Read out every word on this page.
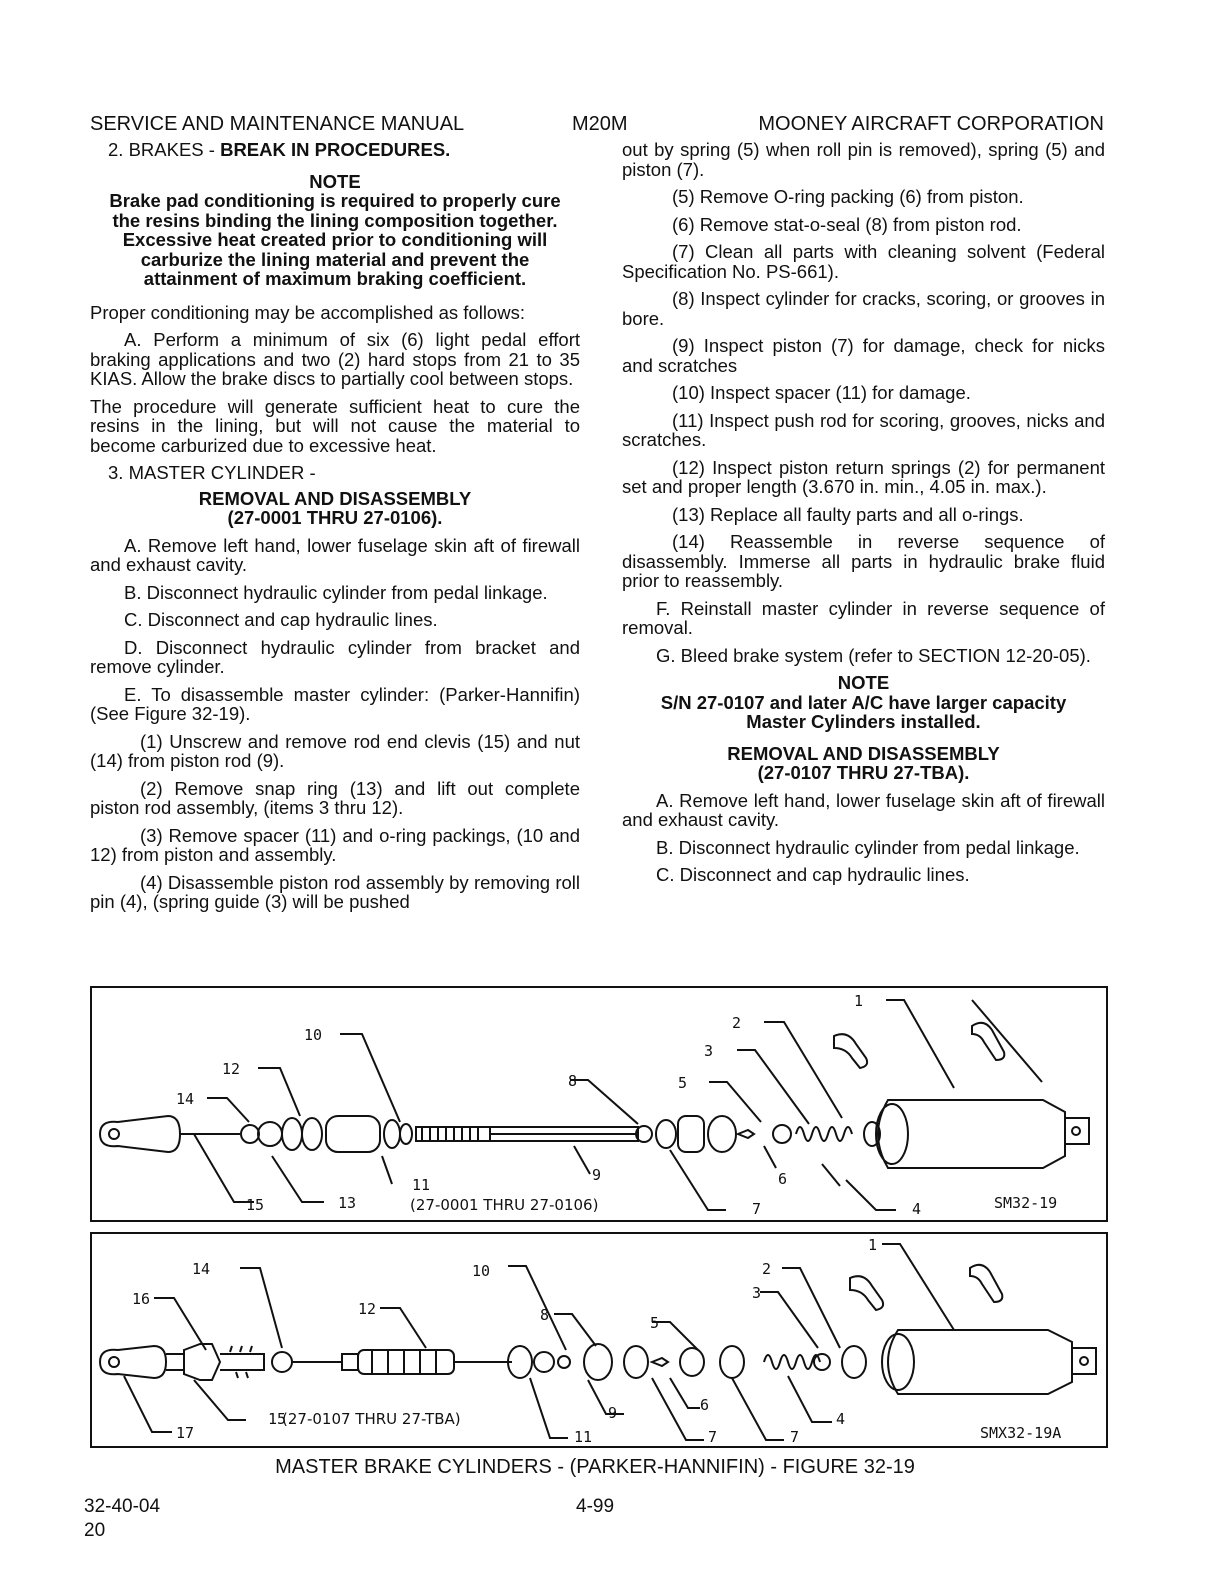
SERVICE AND MAINTENANCE MANUAL	M20M	MOONEY AIRCRAFT CORPORATION

2. BRAKES - BREAK IN PROCEDURES.

NOTE

Brake pad conditioning is required to properly cure the resins binding the lining composition together. Excessive heat created prior to conditioning will carburize the lining material and prevent the attainment of maximum braking coefficient.

Proper conditioning may be accomplished as follows:

A. Perform a minimum of six (6) light pedal effort braking applications and two (2) hard stops from 21 to 35 KIAS. Allow the brake discs to partially cool between stops.

The procedure will generate sufficient heat to cure the resins in the lining, but will not cause the material to become carburized due to excessive heat.

3. MASTER CYLINDER -

REMOVAL AND DISASSEMBLY

(27-0001 THRU 27-0106).

A. Remove left hand, lower fuselage skin aft of firewall and exhaust cavity.

B. Disconnect hydraulic cylinder from pedal linkage.

C. Disconnect and cap hydraulic lines.

D. Disconnect hydraulic cylinder from bracket and remove cylinder.

E. To disassemble master cylinder: (Parker-Hannifin) (See Figure 32-19).

(1) Unscrew and remove rod end clevis (15) and nut (14) from piston rod (9).

(2) Remove snap ring (13) and lift out complete piston rod assembly, (items 3 thru 12).

(3) Remove spacer (11) and o-ring packings, (10 and 12) from piston and assembly.

(4) Disassemble piston rod assembly by removing roll pin (4), (spring guide (3) will be pushed

out by spring (5) when roll pin is removed), spring (5) and piston (7).

(5) Remove O-ring packing (6) from piston.

(6) Remove stat-o-seal (8) from piston rod.

(7) Clean all parts with cleaning solvent (Federal Specification No. PS-661).

(8) Inspect cylinder for cracks, scoring, or grooves in bore.

(9) Inspect piston (7) for damage, check for nicks and scratches

(10) Inspect spacer (11) for damage.

(11) Inspect push rod for scoring, grooves, nicks and scratches.

(12) Inspect piston return springs (2) for permanent set and proper length (3.670 in. min., 4.05 in. max.).

(13) Replace all faulty parts and all o-rings.

(14) Reassemble in reverse sequence of disassembly. Immerse all parts in hydraulic brake fluid prior to reassembly.

F. Reinstall master cylinder in reverse sequence of removal.

G. Bleed brake system (refer to SECTION 12-20-05).

NOTE

S/N 27-0107 and later A/C have larger capacity Master Cylinders installed.

REMOVAL AND DISASSEMBLY

(27-0107 THRU 27-TBA).

A. Remove left hand, lower fuselage skin aft of firewall and exhaust cavity.

B. Disconnect hydraulic cylinder from pedal linkage.

C. Disconnect and cap hydraulic lines.

1
2
3
5
8
10
12
14
11
9	6
15	13	7	4
(27-0001 THRU 27-0106)	SM32-19
1
2
3
14	10
16
12	8	5
15	9	6
4
17	11	7	7
(27-0107 THRU 27-TBA)
SMX32-19A
MASTER BRAKE CYLINDERS - (PARKER-HANNIFIN) - FIGURE 32-19
32-40-04
20
4-99
